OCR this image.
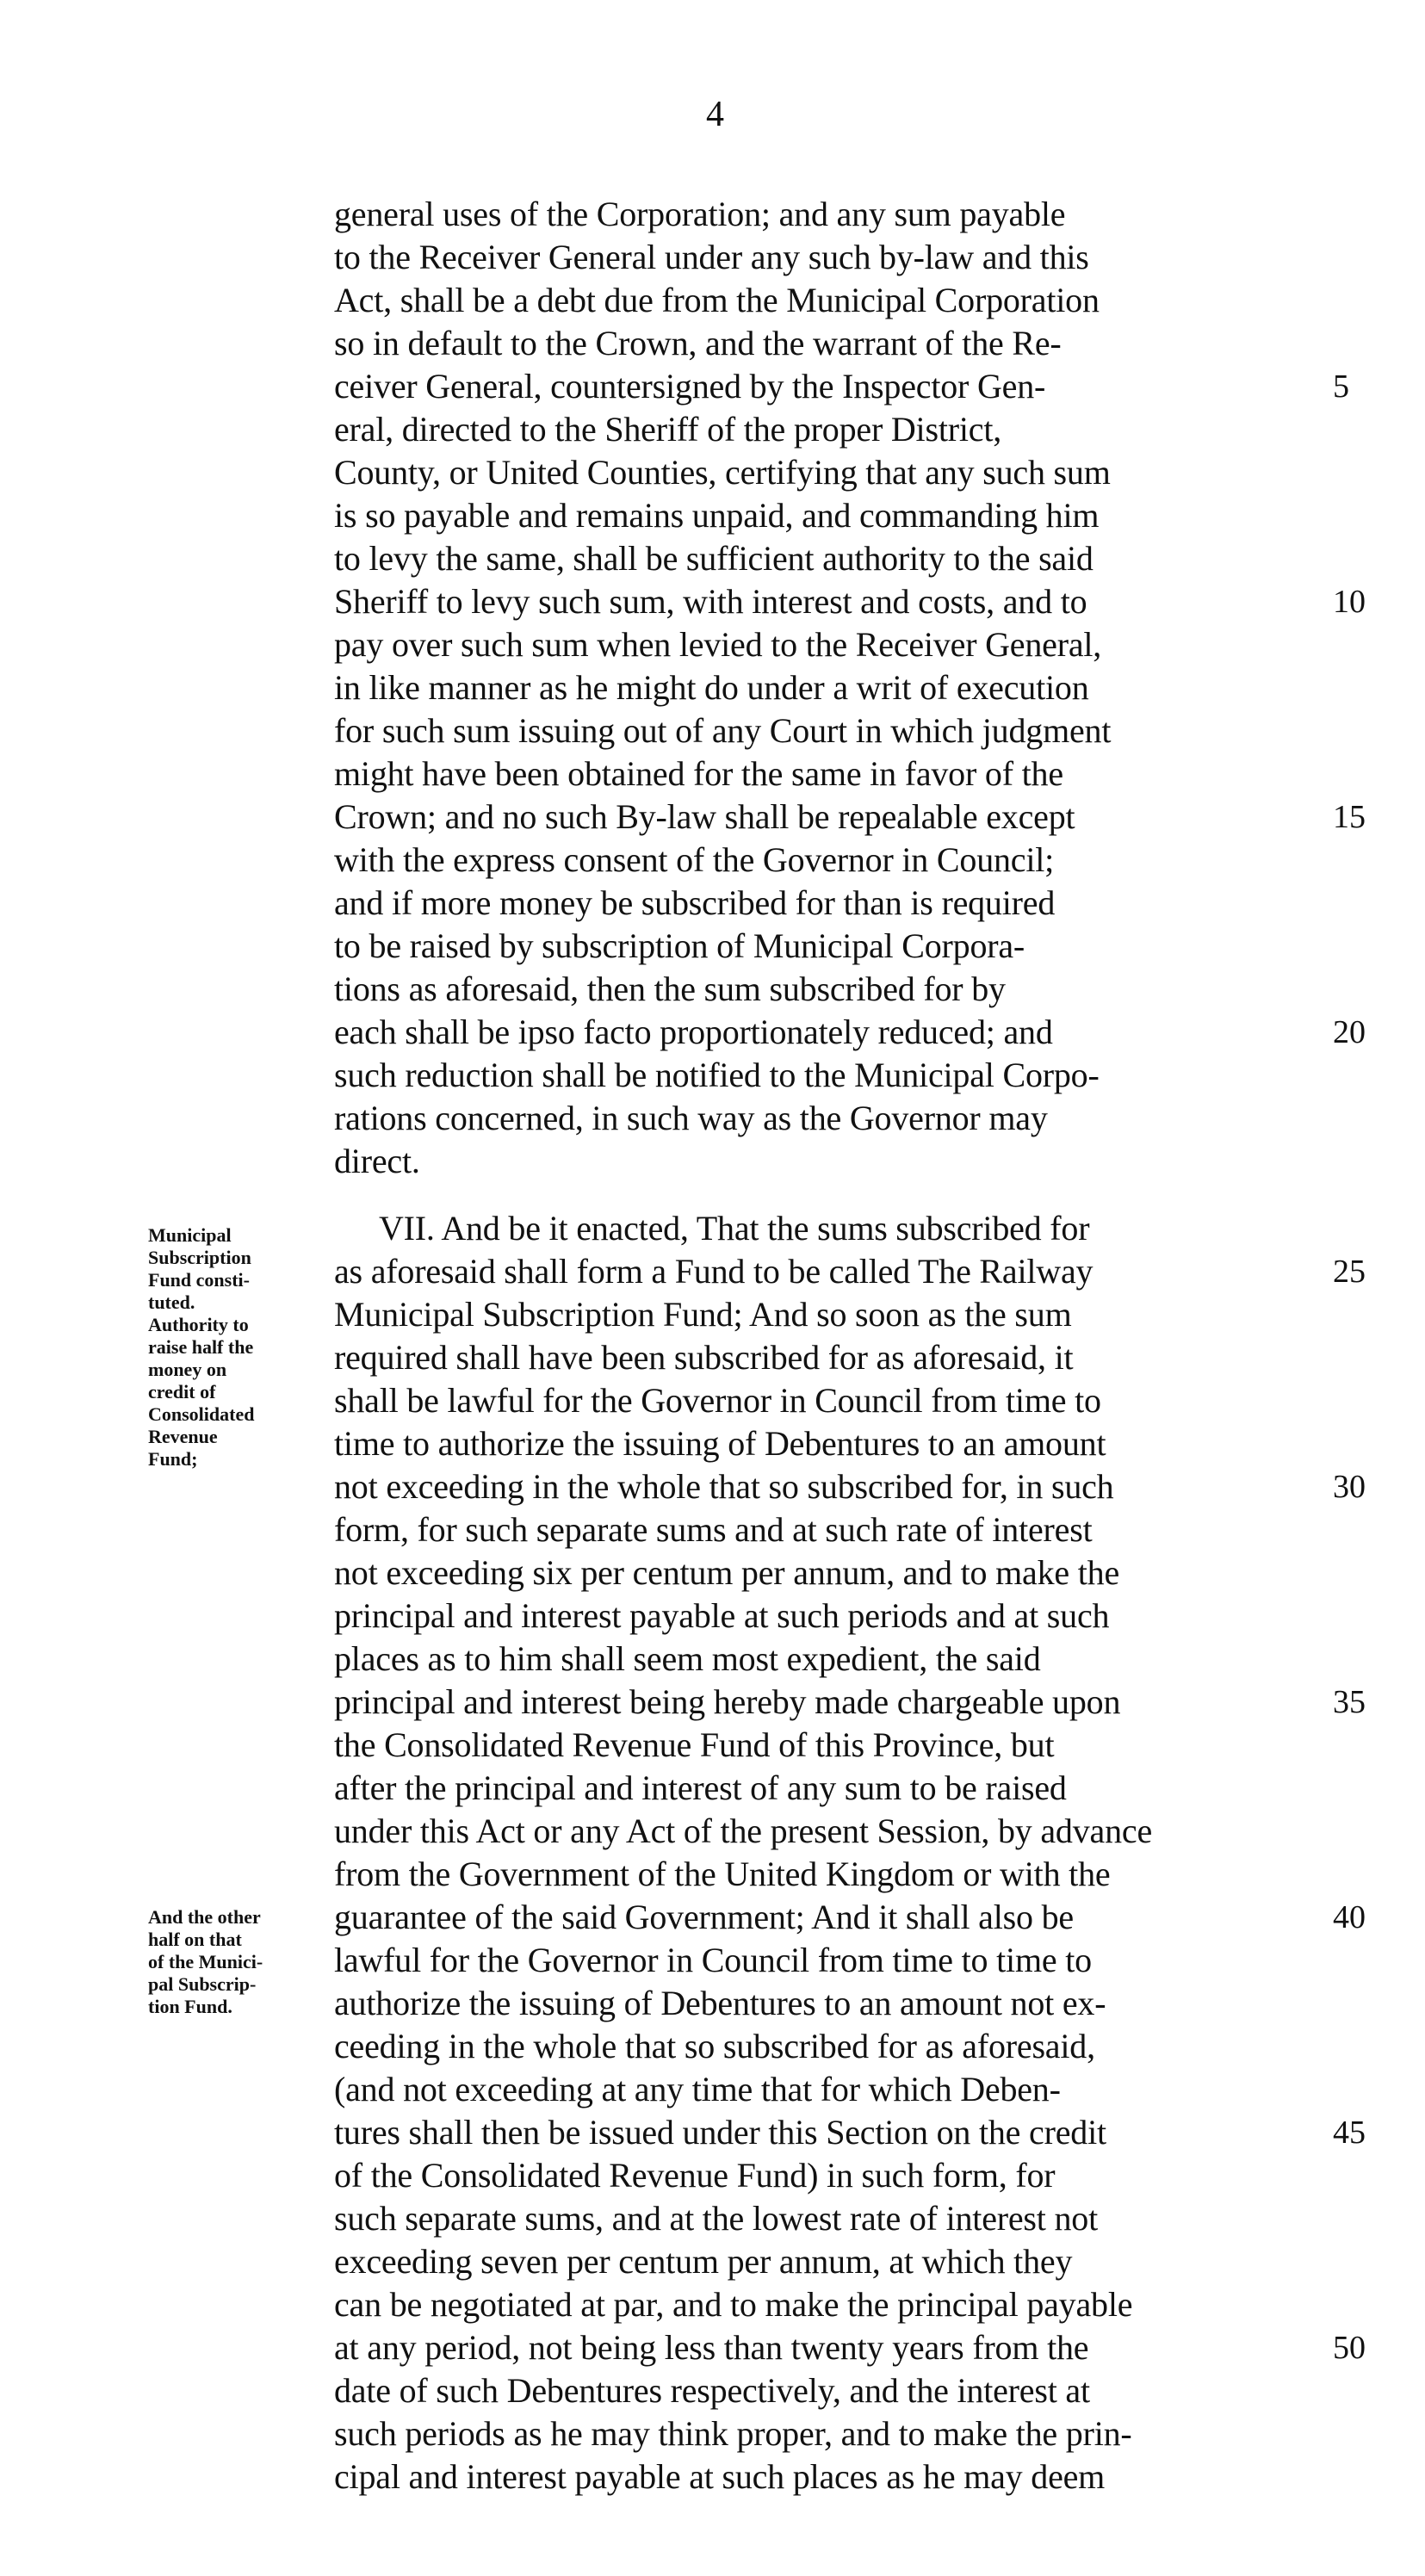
4
general uses of the Corporation; and any sum payable
to the Receiver General under any such by-law and this
Act, shall be a debt due from the Municipal Corporation
so in default to the Crown, and the warrant of the Re-
ceiver General, countersigned by the Inspector Gen-
eral, directed to the Sheriff of the proper District,
County, or United Counties, certifying that any such sum
is so payable and remains unpaid, and commanding him
to levy the same, shall be sufficient authority to the said
Sheriff to levy such sum, with interest and costs, and to
pay over such sum when levied to the Receiver General,
in like manner as he might do under a writ of execution
for such sum issuing out of any Court in which judgment
might have been obtained for the same in favor of the
Crown; and no such By-law shall be repealable except
with the express consent of the Governor in Council;
and if more money be subscribed for than is required
to be raised by subscription of Municipal Corpora-
tions as aforesaid, then the sum subscribed for by
each shall be ipso facto proportionately reduced; and
such reduction shall be notified to the Municipal Corpo-
rations concerned, in such way as the Governor may
direct.
VII. And be it enacted, That the sums subscribed for
as aforesaid shall form a Fund to be called The Railway
Municipal Subscription Fund; And so soon as the sum
required shall have been subscribed for as aforesaid, it
shall be lawful for the Governor in Council from time to
time to authorize the issuing of Debentures to an amount
not exceeding in the whole that so subscribed for, in such
form, for such separate sums and at such rate of interest
not exceeding six per centum per annum, and to make the
principal and interest payable at such periods and at such
places as to him shall seem most expedient, the said
principal and interest being hereby made chargeable upon
the Consolidated Revenue Fund of this Province, but
after the principal and interest of any sum to be raised
under this Act or any Act of the present Session, by advance
from the Government of the United Kingdom or with the
guarantee of the said Government; And it shall also be
lawful for the Governor in Council from time to time to
authorize the issuing of Debentures to an amount not ex-
ceeding in the whole that so subscribed for as aforesaid,
(and not exceeding at any time that for which Deben-
tures shall then be issued under this Section on the credit
of the Consolidated Revenue Fund) in such form, for
such separate sums, and at the lowest rate of interest not
exceeding seven per centum per annum, at which they
can be negotiated at par, and to make the principal payable
at any period, not being less than twenty years from the
date of such Debentures respectively, and the interest at
such periods as he may think proper, and to make the prin-
cipal and interest payable at such places as he may deem
5
10
15
20
25
30
35
40
45
50
Municipal
Subscription
Fund consti-
tuted.
Authority to
raise half the
money on
credit of
Consolidated
Revenue
Fund;
And the other
half on that
of the Munici-
pal Subscrip-
tion Fund.
